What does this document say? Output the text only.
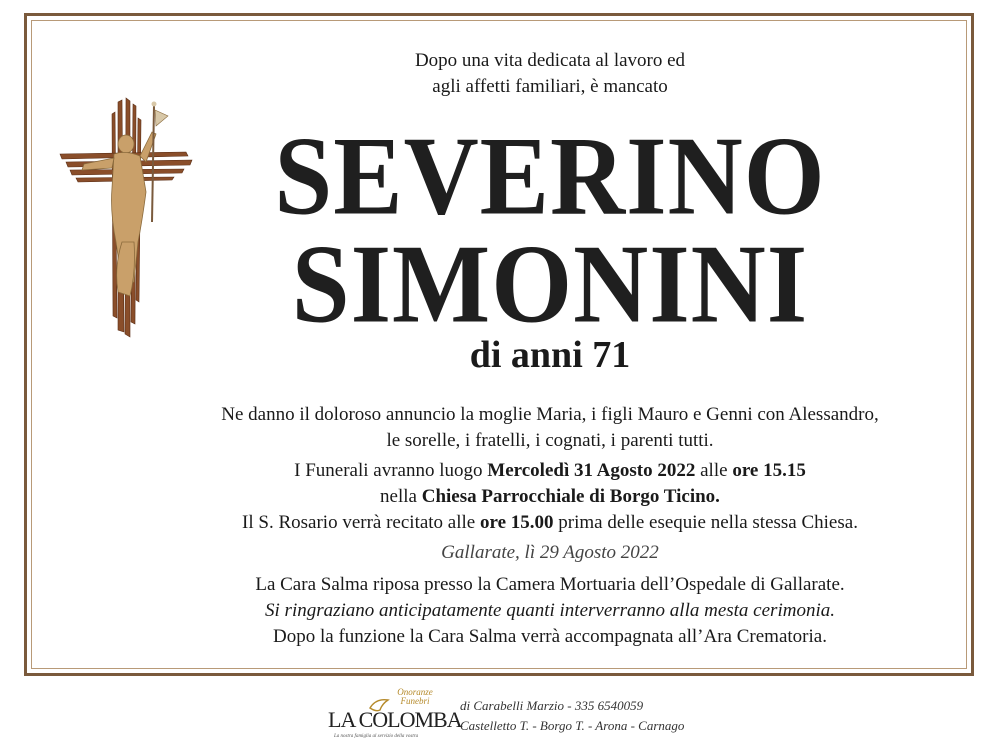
Dopo una vita dedicata al lavoro ed
agli affetti familiari, è mancato
SEVERINO
SIMONINI
di anni 71
Ne danno il doloroso annuncio la moglie Maria, i figli Mauro e Genni con Alessandro,
le sorelle, i fratelli, i cognati, i parenti tutti.
I Funerali avranno luogo Mercoledì 31 Agosto 2022 alle ore 15.15
nella Chiesa Parrocchiale di Borgo Ticino.
Il S. Rosario verrà recitato alle ore 15.00 prima delle esequie nella stessa Chiesa.
Gallarate, lì 29 Agosto 2022
La Cara Salma riposa presso la Camera Mortuaria dell’Ospedale di Gallarate.
Si ringraziano anticipatamente quanti interverranno alla mesta cerimonia.
Dopo la funzione la Cara Salma verrà accompagnata all’Ara Crematoria.
Onoranze
Funebri
LA COLOMBA
La nostra famiglia al servizio della vostra
di Carabelli Marzio - 335 6540059
Castelletto T. - Borgo T. - Arona - Carnago
